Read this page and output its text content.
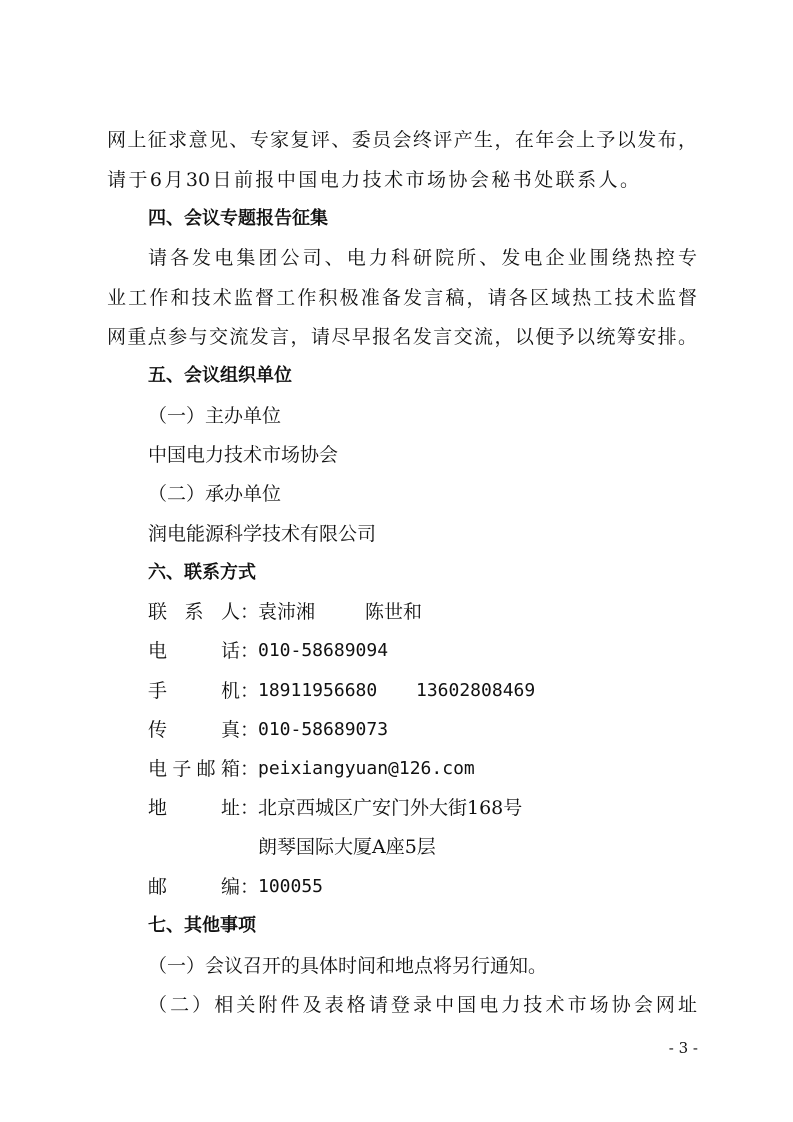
网上征求意见、专家复评、委员会终评产生，在年会上予以发布，
请于6月30日前报中国电力技术市场协会秘书处联系人。
四、会议专题报告征集
请各发电集团公司、电力科研院所、发电企业围绕热控专
业工作和技术监督工作积极准备发言稿，请各区域热工技术监督
网重点参与交流发言，请尽早报名发言交流，以便予以统筹安排。
五、会议组织单位
（一）主办单位
中国电力技术市场协会
（二）承办单位
润电能源科学技术有限公司
六、联系方式
联系人 ：
袁沛湘	陈世和
电话 ：
010-58689094
手机 ：
18911956680 13602808469
传真 ：
010-58689073
电子邮箱 ：
peixiangyuan@126.com
地址 ：
北京西城区广安门外大街168号
朗琴国际大厦A座5层
邮编 ：
100055
七、其他事项
（一）会议召开的具体时间和地点将另行通知。
（二）相关附件及表格请登录中国电力技术市场协会网址
- 3 -
